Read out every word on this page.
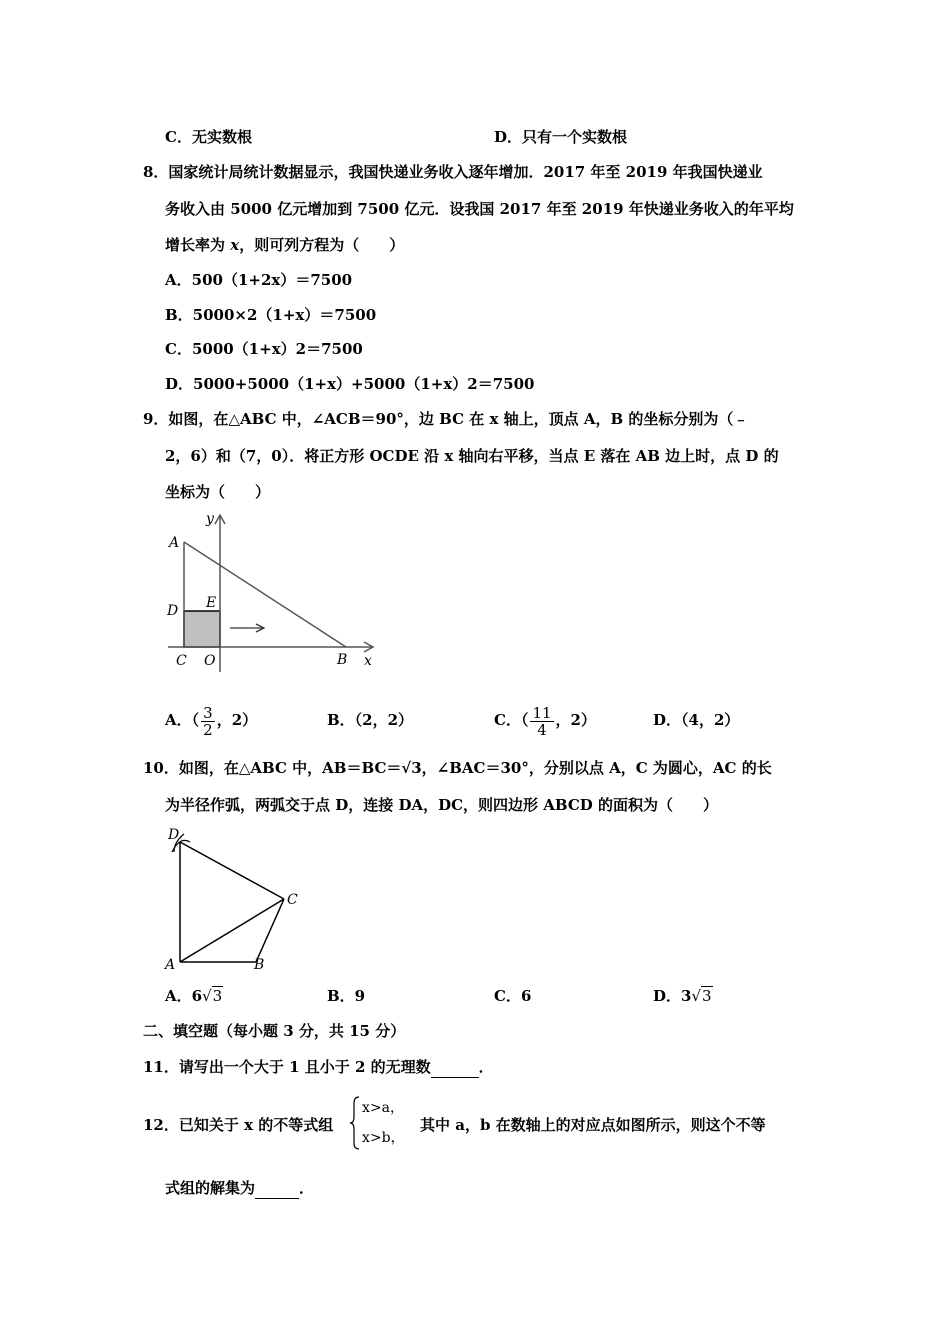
C．无实数根	D．只有一个实数根
8．国家统计局统计数据显示，我国快递业务收入逐年增加．2017 年至 2019 年我国快递业
务收入由 5000 亿元增加到 7500 亿元．设我国 2017 年至 2019 年快递业务收入的年平均
增长率为 x，则可列方程为（　　）
A．500（1+2x）＝7500
B．5000×2（1+x）＝7500
C．5000（1+x）2＝7500
D．5000+5000（1+x）+5000（1+x）2＝7500
9．如图，在△ABC 中，∠ACB＝90°，边 BC 在 x 轴上，顶点 A，B 的坐标分别为（﹣
2，6）和（7，0）．将正方形 OCDE 沿 x 轴向右平移，当点 E 落在 AB 边上时，点 D 的
坐标为（　　）
y
A
D E
C O	B x
A．（ $\frac{3}{2}$ ，2）	B．（2，2）	C．（ $\frac{11}{4}$ ，2）	D．（4，2）
10．如图，在△ABC 中，AB＝BC＝√3，∠BAC＝30°，分别以点 A，C 为圆心，AC 的长
为半径作弧，两弧交于点 D，连接 DA，DC，则四边形 ABCD 的面积为（　　）
D
C
A	B
A．6√3	B．9	C．6	D．3√3
二、填空题（每小题 3 分，共 15 分）
11．请写出一个大于 1 且小于 2 的无理数	．
12．已知关于 x 的不等式组
x>a，
x>b，
其中 a，b 在数轴上的对应点如图所示，则这个不等
式组的解集为	．
